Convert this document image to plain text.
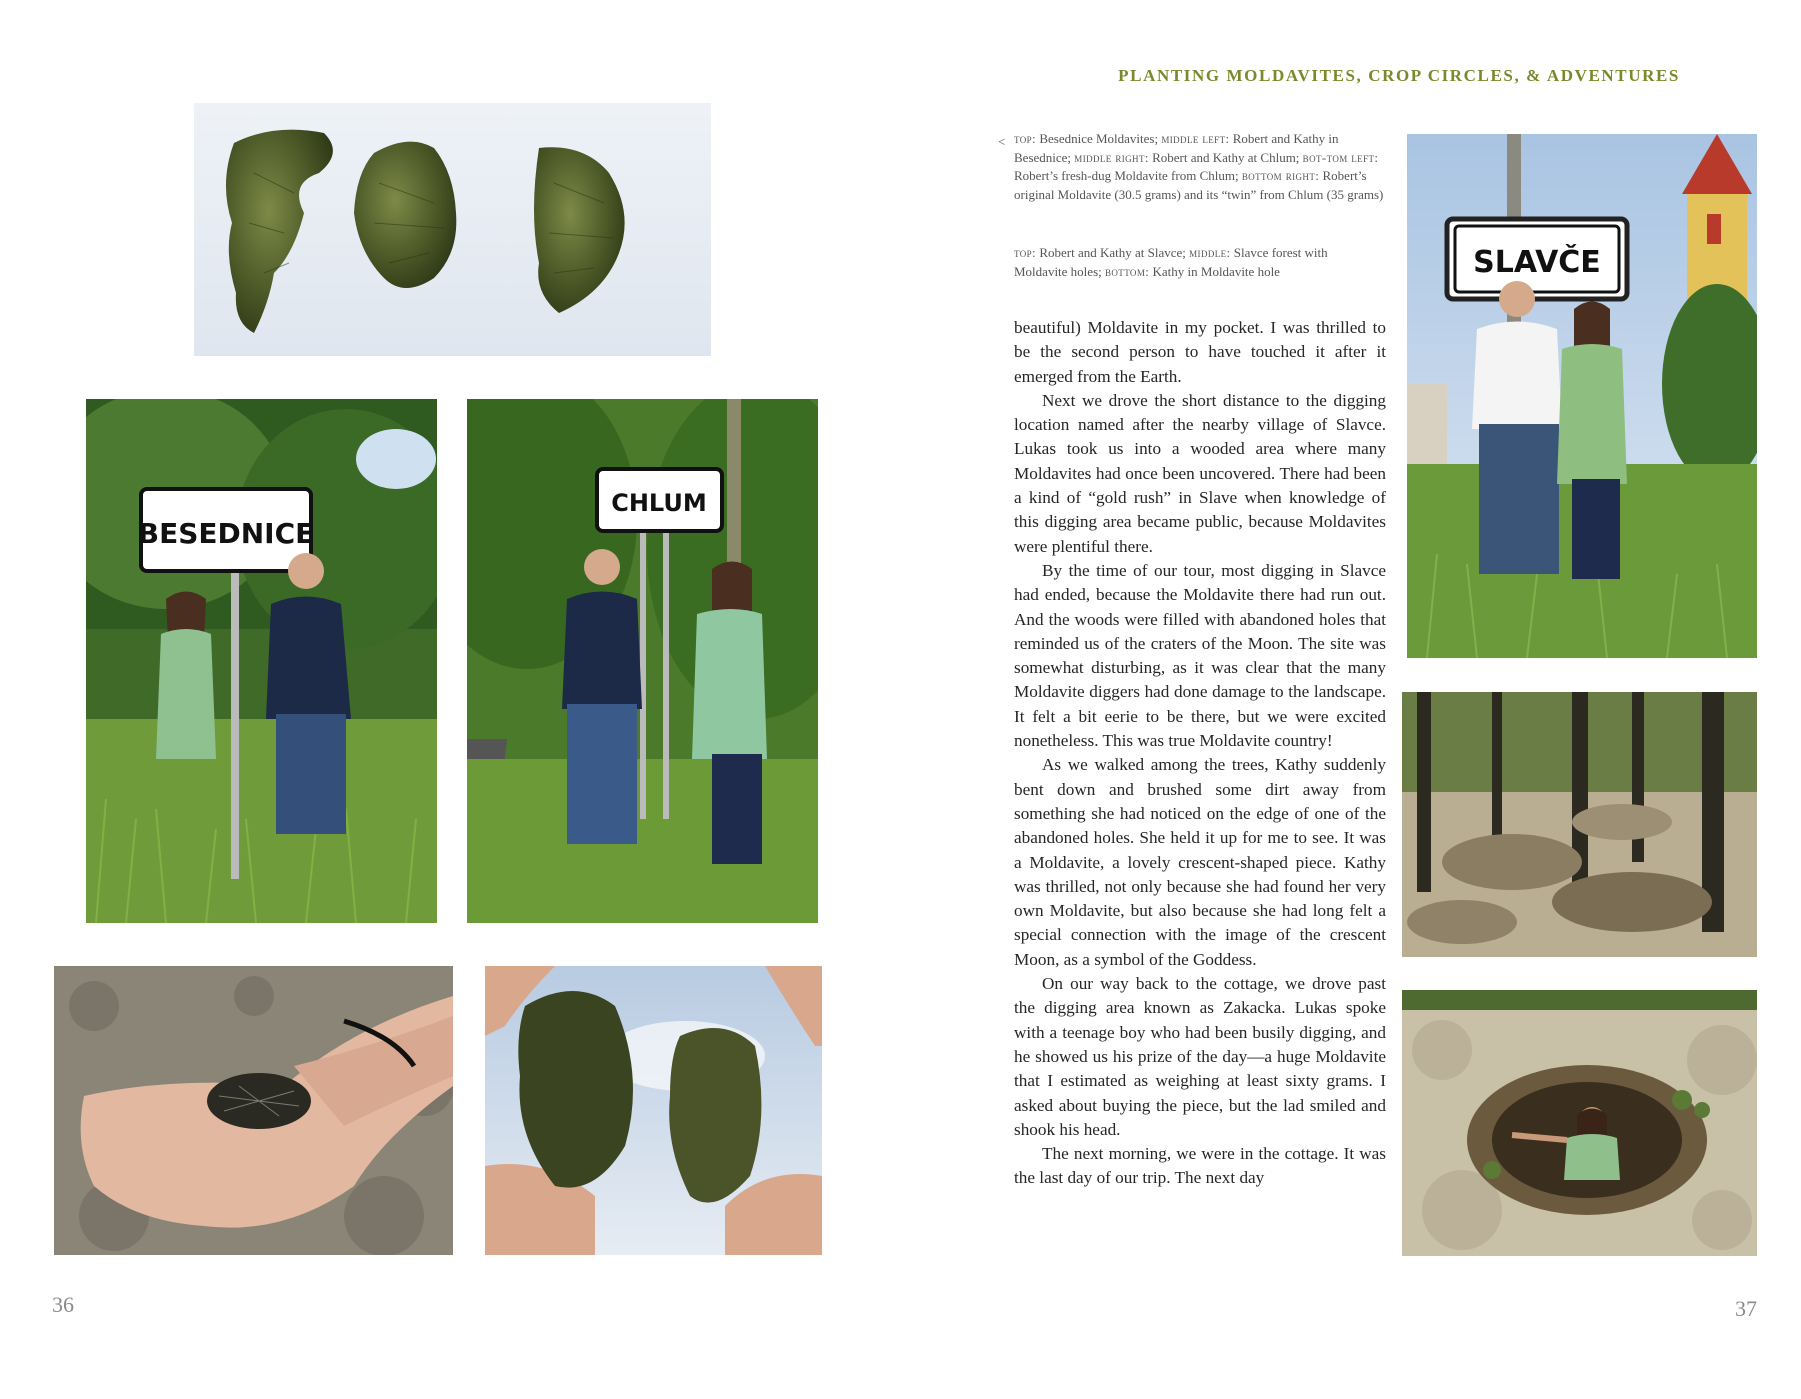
PLANTING MOLDAVITES, CROP CIRCLES, & ADVENTURES
BESEDNICE
CHLUM
< top: Besednice Moldavites; middle left: Robert and Kathy in Besednice; middle right: Robert and Kathy at Chlum; bot-tom left: Robert’s fresh-dug Moldavite from Chlum; bottom right: Robert’s original Moldavite (30.5 grams) and its “twin” from Chlum (35 grams)
top: Robert and Kathy at Slavce; middle: Slavce forest with Moldavite holes; bottom: Kathy in Moldavite hole

beautiful) Moldavite in my pocket. I was thrilled to be the second person to have touched it after it emerged from the Earth.

Next we drove the short distance to the digging location named after the nearby village of Slavce. Lukas took us into a wooded area where many Moldavites had once been uncovered. There had been a kind of “gold rush” in Slave when knowledge of this digging area became public, because Moldavites were plentiful there.

By the time of our tour, most digging in Slavce had ended, because the Moldavite there had run out. And the woods were filled with abandoned holes that reminded us of the craters of the Moon. The site was somewhat disturbing, as it was clear that the many Moldavite diggers had done damage to the landscape. It felt a bit eerie to be there, but we were excited nonetheless. This was true Moldavite country!

As we walked among the trees, Kathy suddenly bent down and brushed some dirt away from something she had noticed on the edge of one of the abandoned holes. She held it up for me to see. It was a Moldavite, a lovely crescent-shaped piece. Kathy was thrilled, not only because she had found her very own Moldavite, but also because she had long felt a special connection with the image of the crescent Moon, as a symbol of the Goddess.

On our way back to the cottage, we drove past the digging area known as Zakacka. Lukas spoke with a teenage boy who had been busily digging, and he showed us his prize of the day—a huge Moldavite that I estimated as weighing at least sixty grams. I asked about buying the piece, but the lad smiled and shook his head.

The next morning, we were in the cottage. It was the last day of our trip. The next day

SLAVČE
36	37
